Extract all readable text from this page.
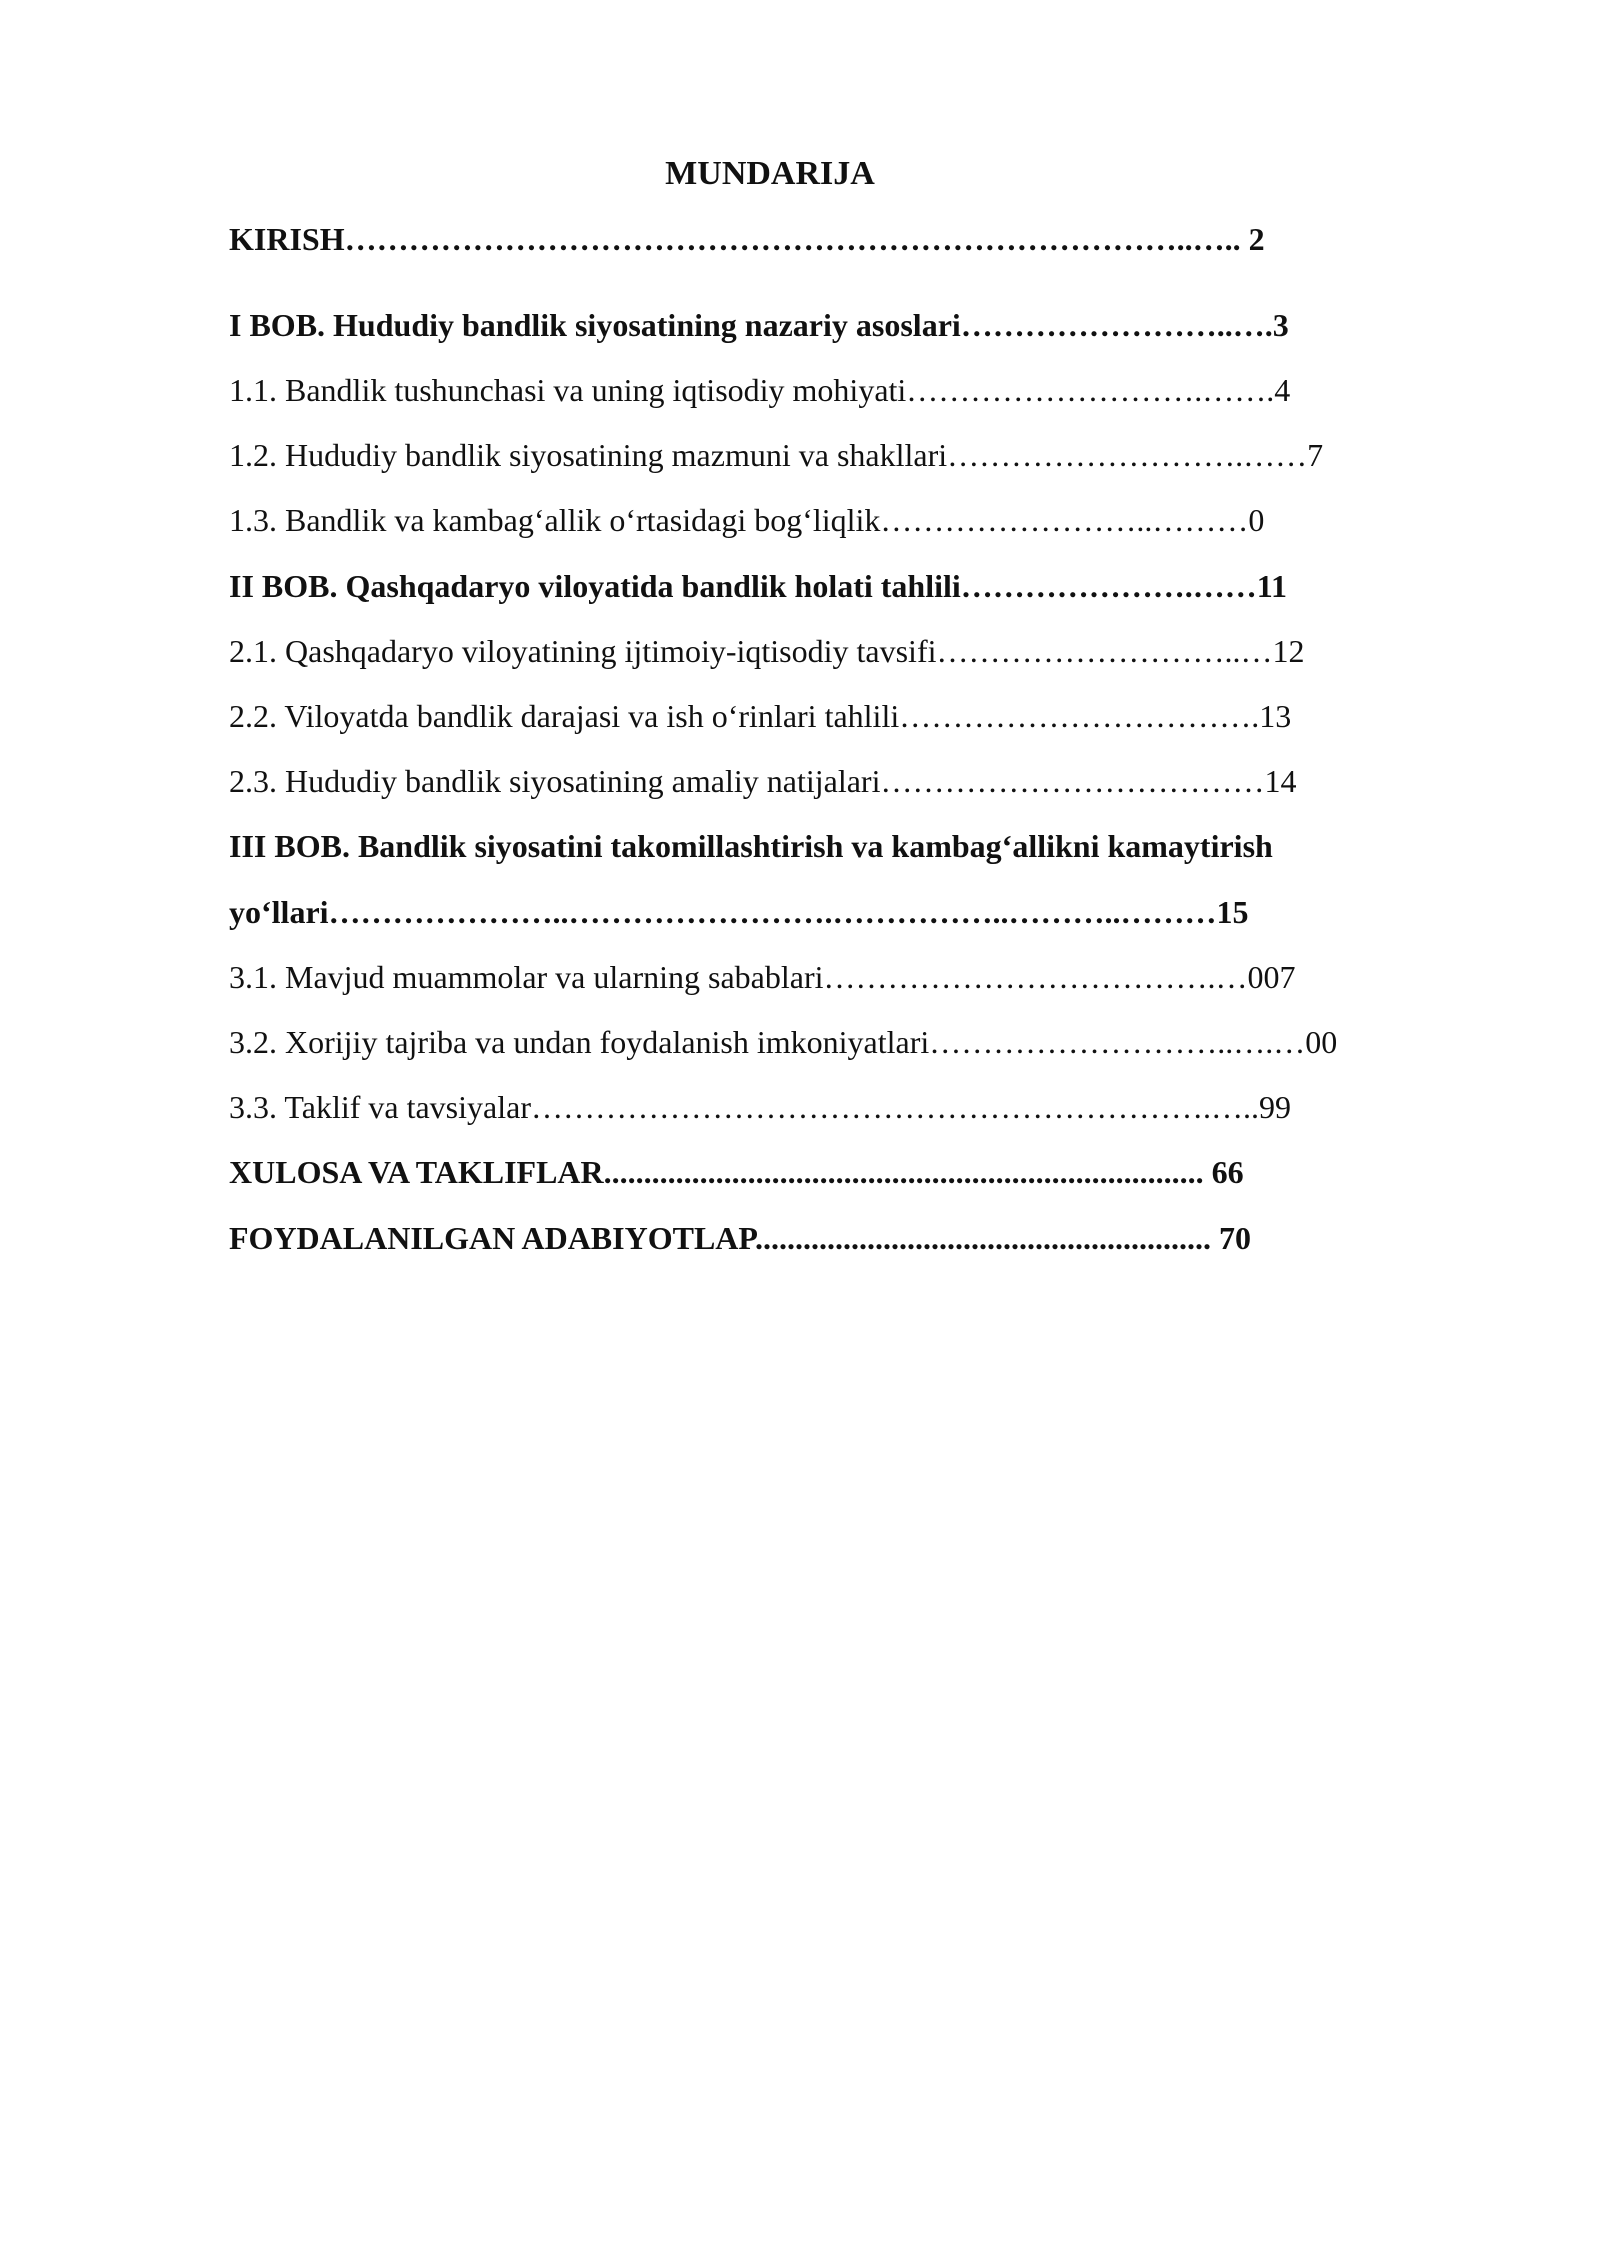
MUNDARIJA
KIRISH……………………………………………………………………..….. 2
I BOB. Hududiy bandlik siyosatining nazariy asoslari……………………..….3
1.1. Bandlik tushunchasi va uning iqtisodiy mohiyati……………………….…….4
1.2. Hududiy bandlik siyosatining mazmuni va shakllari……………………….……7
1.3. Bandlik va kambag‘allik o‘rtasidagi bog‘liqlik……………………..………0
II BOB. Qashqadaryo viloyatida bandlik holati tahlili………………….……11
2.1. Qashqadaryo viloyatining ijtimoiy-iqtisodiy tavsifi………………………..…12
2.2. Viloyatda bandlik darajasi va ish o‘rinlari tahlili…………………………….13
2.3. Hududiy bandlik siyosatining amaliy natijalari………………………………14
III BOB. Bandlik siyosatini takomillashtirish va kambag‘allikni kamaytirish
yo‘llari…………………..…………………….……………..………..………15
3.1. Mavjud muammolar va ularning sabablari……………………………….…007
3.2. Xorijiy tajriba va undan foydalanish imkoniyatlari………………………..….…00
3.3. Taklif va tavsiyalar……………………………………………………….…..99
XULOSA VA TAKLIFLAR........................................................................... 66
FOYDALANILGAN ADABIYOTLAP......................................................... 70
